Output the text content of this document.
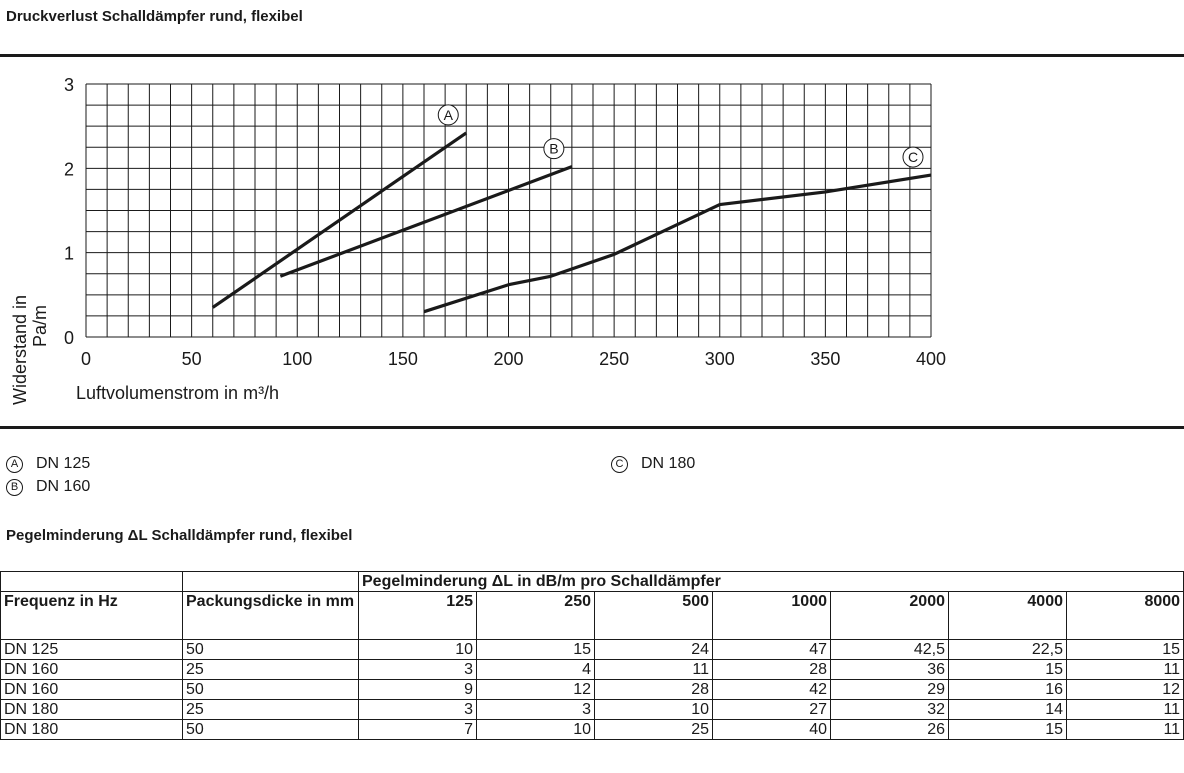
Druckverlust Schalldämpfer rund, flexibel
0	50	100	150	200	250	300	350	400
0
1
2
3
A
B
C
Luftvolumenstrom in m³/h
Widerstand in Pa/m
A	DN 125
B	DN 160
C DN 180
Pegelminderung ΔL Schalldämpfer rund, flexibel
		Pegelminderung ΔL in dB/m pro Schalldämpfer						
Frequenz in Hz	Packungsdicke in mm	125	250	500	1000	2000	4000	8000
DN 125	50	10	15	24	47	42,5	22,5	15
DN 160	25	3	4	11	28	36	15	11
DN 160	50	9	12	28	42	29	16	12
DN 180	25	3	3	10	27	32	14	11
DN 180	50	7	10	25	40	26	15	11
